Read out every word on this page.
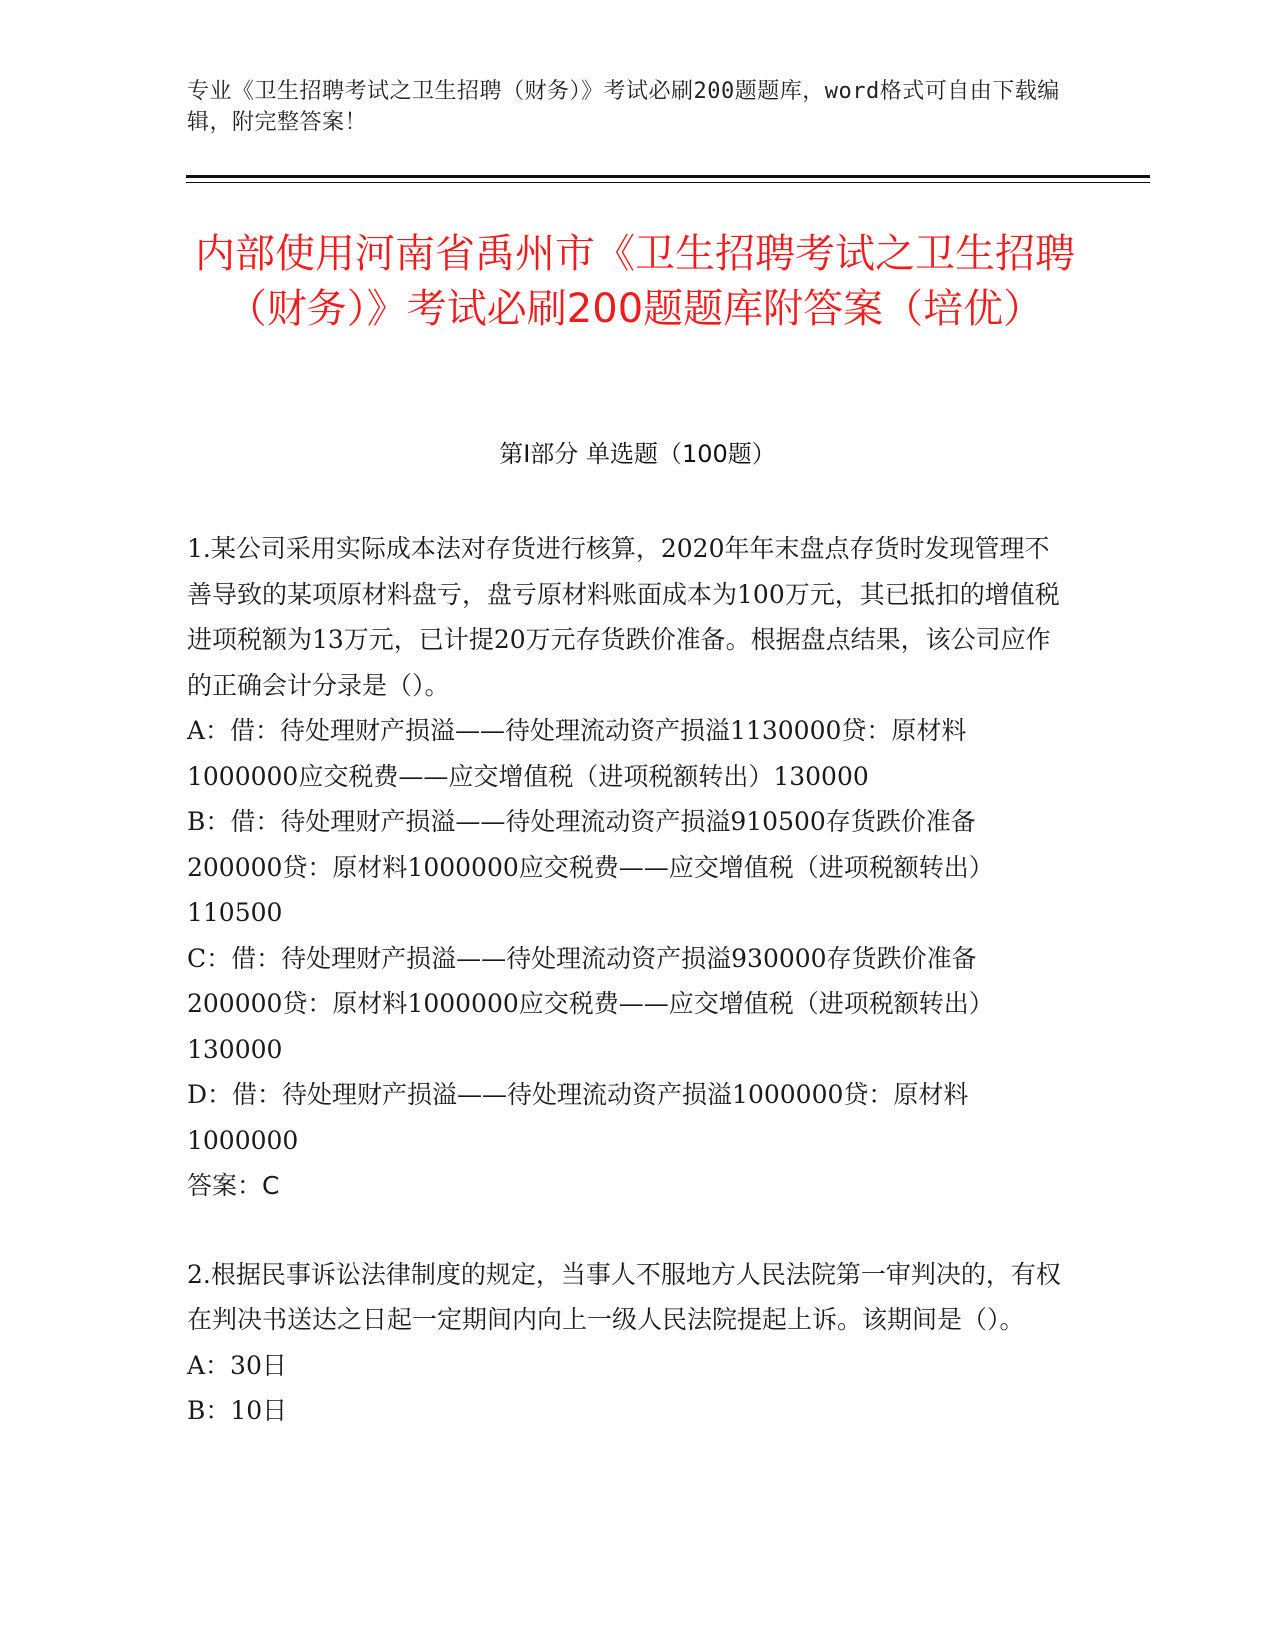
专业《卫生招聘考试之卫生招聘（财务）》考试必刷200题题库，word格式可自由下载编辑，附完整答案！
内部使用河南省禹州市《卫生招聘考试之卫生招聘（财务）》考试必刷200题题库附答案（培优）
第Ⅰ部分 单选题（100题）

1.某公司采用实际成本法对存货进行核算，2020年年末盘点存货时发现管理不善导致的某项原材料盘亏，盘亏原材料账面成本为100万元，其已抵扣的增值税进项税额为13万元，已计提20万元存货跌价准备。根据盘点结果，该公司应作的正确会计分录是（）。

A：借：待处理财产损溢——待处理流动资产损溢1130000贷：原材料1000000应交税费——应交增值税（进项税额转出）130000

B：借：待处理财产损溢——待处理流动资产损溢910500存货跌价准备200000贷：原材料1000000应交税费——应交增值税（进项税额转出）110500

C：借：待处理财产损溢——待处理流动资产损溢930000存货跌价准备200000贷：原材料1000000应交税费——应交增值税（进项税额转出）130000

D：借：待处理财产损溢——待处理流动资产损溢1000000贷：原材料1000000

答案：C

2.根据民事诉讼法律制度的规定，当事人不服地方人民法院第一审判决的，有权在判决书送达之日起一定期间内向上一级人民法院提起上诉。该期间是（）。

A：30日

B：10日
